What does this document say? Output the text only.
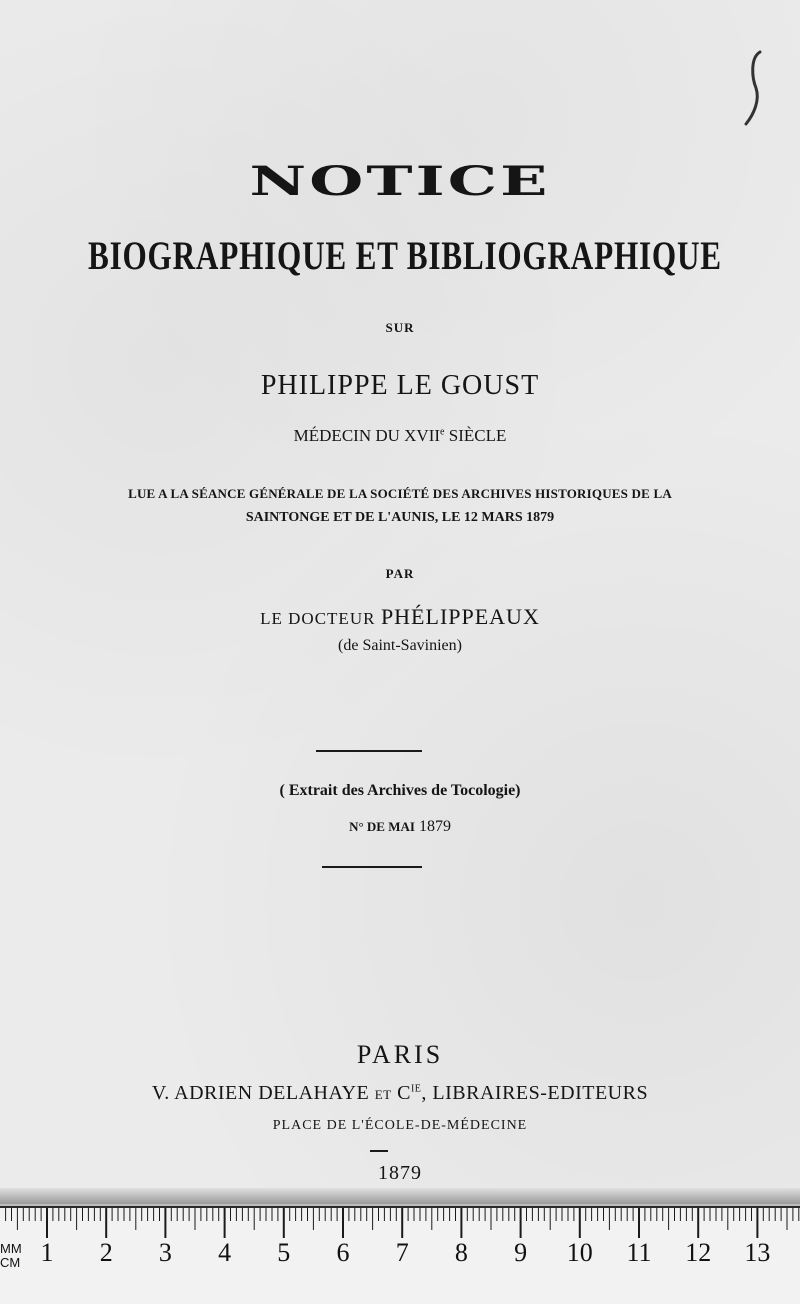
NOTICE
BIOGRAPHIQUE ET BIBLIOGRAPHIQUE
SUR
PHILIPPE LE GOUST
MÉDECIN DU XVIIe SIÈCLE
LUE A LA SÉANCE GÉNÉRALE DE LA SOCIÉTÉ DES ARCHIVES HISTORIQUES DE LA
SAINTONGE ET DE L'AUNIS, LE 12 MARS 1879
PAR
LE DOCTEUR PHÉLIPPEAUX
(de Saint-Savinien)
( Extrait des Archives de Tocologie)
N° DE MAI 1879
PARIS
V. ADRIEN DELAHAYE ET $C^{IE}$, LIBRAIRES-EDITEURS
PLACE DE L'ÉCOLE-DE-MÉDECINE
1879
MM
CM 1 2 3 4 5 6 7 8 9 10 11 12 13
